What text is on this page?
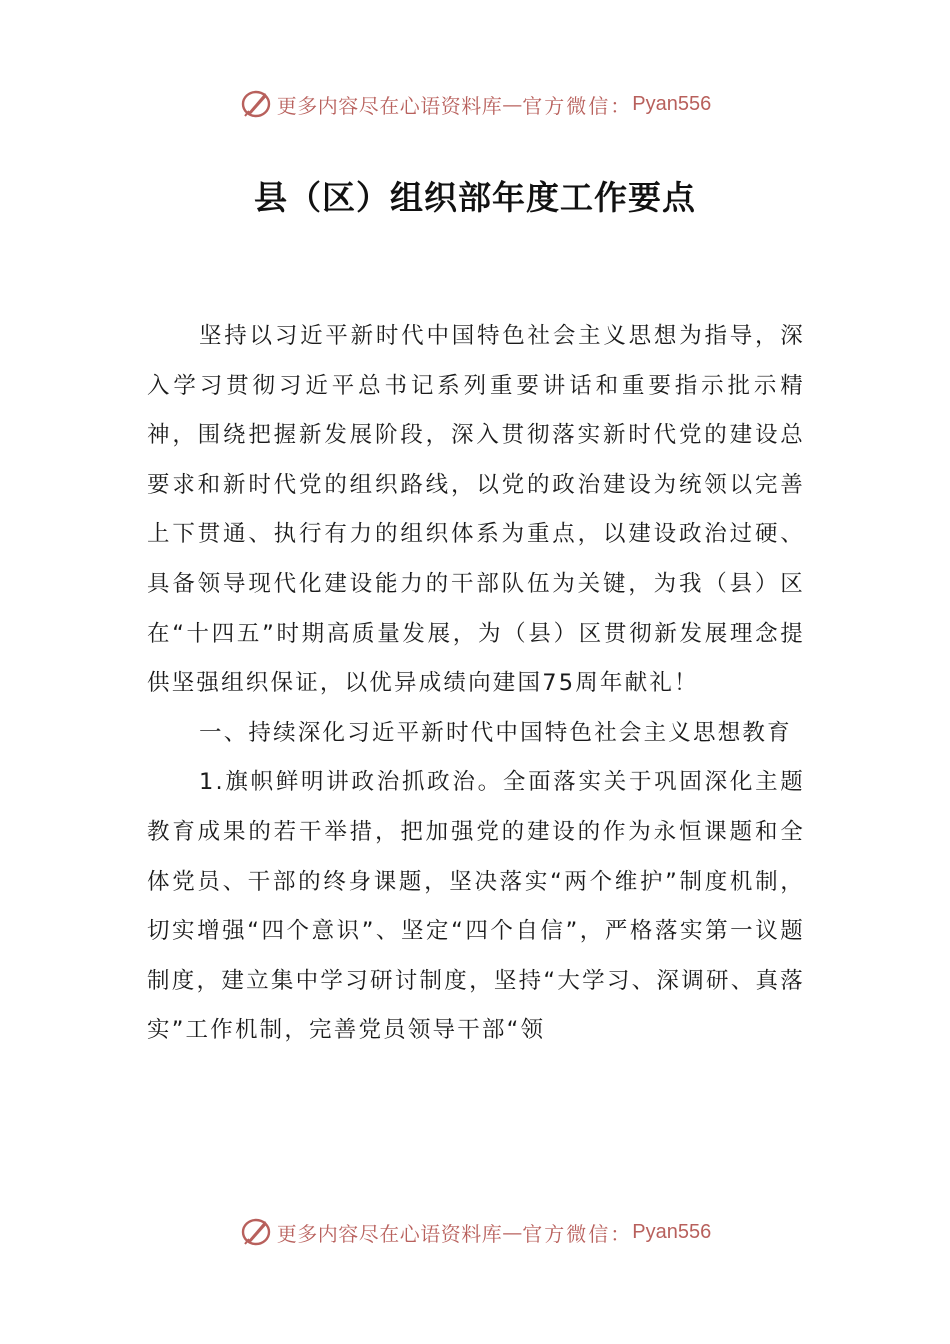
更多内容尽在心语资料库 — 官方微信： Pyan556
县（区）组织部年度工作要点

坚持以习近平新时代中国特色社会主义思想为指导，深入学习贯彻习近平总书记系列重要讲话和重要指示批示精神，围绕把握新发展阶段，深入贯彻落实新时代党的建设总要求和新时代党的组织路线，以党的政治建设为统领以完善上下贯通、执行有力的组织体系为重点，以建设政治过硬、具备领导现代化建设能力的干部队伍为关键，为我（县）区在“十四五”时期高质量发展，为（县）区贯彻新发展理念提供坚强组织保证，以优异成绩向建国75周年献礼！

一、持续深化习近平新时代中国特色社会主义思想教育

1.旗帜鲜明讲政治抓政治。全面落实关于巩固深化主题教育成果的若干举措，把加强党的建设的作为永恒课题和全体党员、干部的终身课题，坚决落实“两个维护”制度机制，切实增强“四个意识”、坚定“四个自信”，严格落实第一议题制度，建立集中学习研讨制度，坚持“大学习、深调研、真落实”工作机制，完善党员领导干部“领

更多内容尽在心语资料库 — 官方微信： Pyan556
